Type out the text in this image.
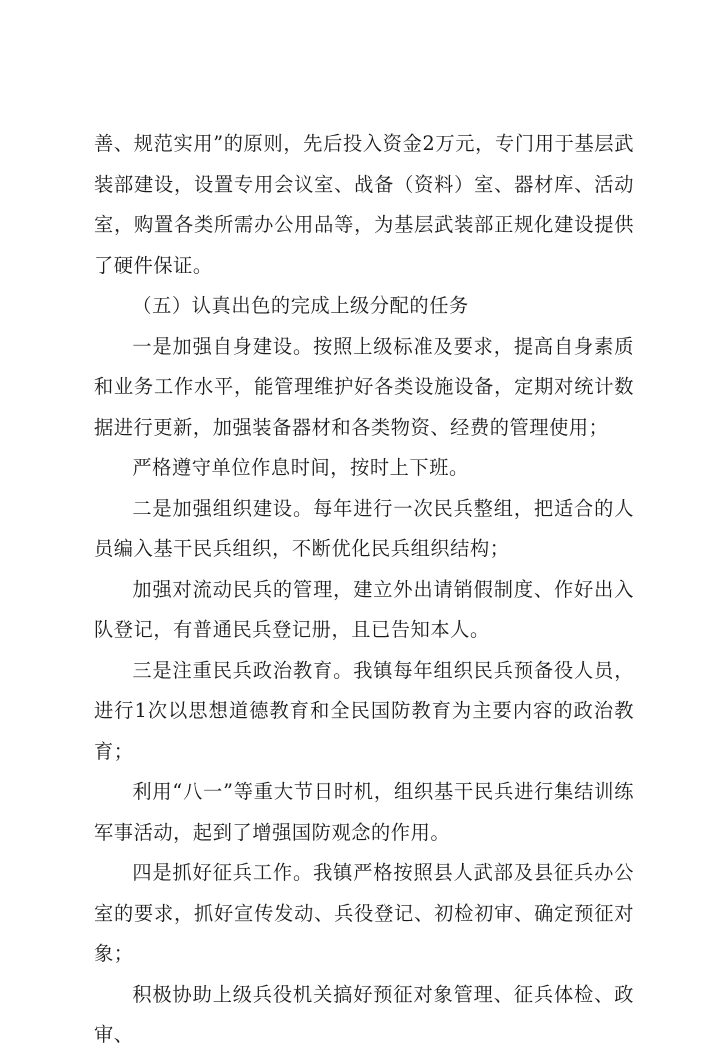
善、规范实用”的原则，先后投入资金2万元，专门用于基层武装部建设，设置专用会议室、战备（资料）室、器材库、活动室，购置各类所需办公用品等，为基层武装部正规化建设提供了硬件保证。

（五）认真出色的完成上级分配的任务

一是加强自身建设。按照上级标准及要求，提高自身素质和业务工作水平，能管理维护好各类设施设备，定期对统计数据进行更新，加强装备器材和各类物资、经费的管理使用；

严格遵守单位作息时间，按时上下班。

二是加强组织建设。每年进行一次民兵整组，把适合的人员编入基干民兵组织，不断优化民兵组织结构；

加强对流动民兵的管理，建立外出请销假制度、作好出入队登记，有普通民兵登记册，且已告知本人。

三是注重民兵政治教育。我镇每年组织民兵预备役人员，进行1次以思想道德教育和全民国防教育为主要内容的政治教育；

利用“八一”等重大节日时机，组织基干民兵进行集结训练军事活动，起到了增强国防观念的作用。

四是抓好征兵工作。我镇严格按照县人武部及县征兵办公室的要求，抓好宣传发动、兵役登记、初检初审、确定预征对象；

积极协助上级兵役机关搞好预征对象管理、征兵体检、政审、
